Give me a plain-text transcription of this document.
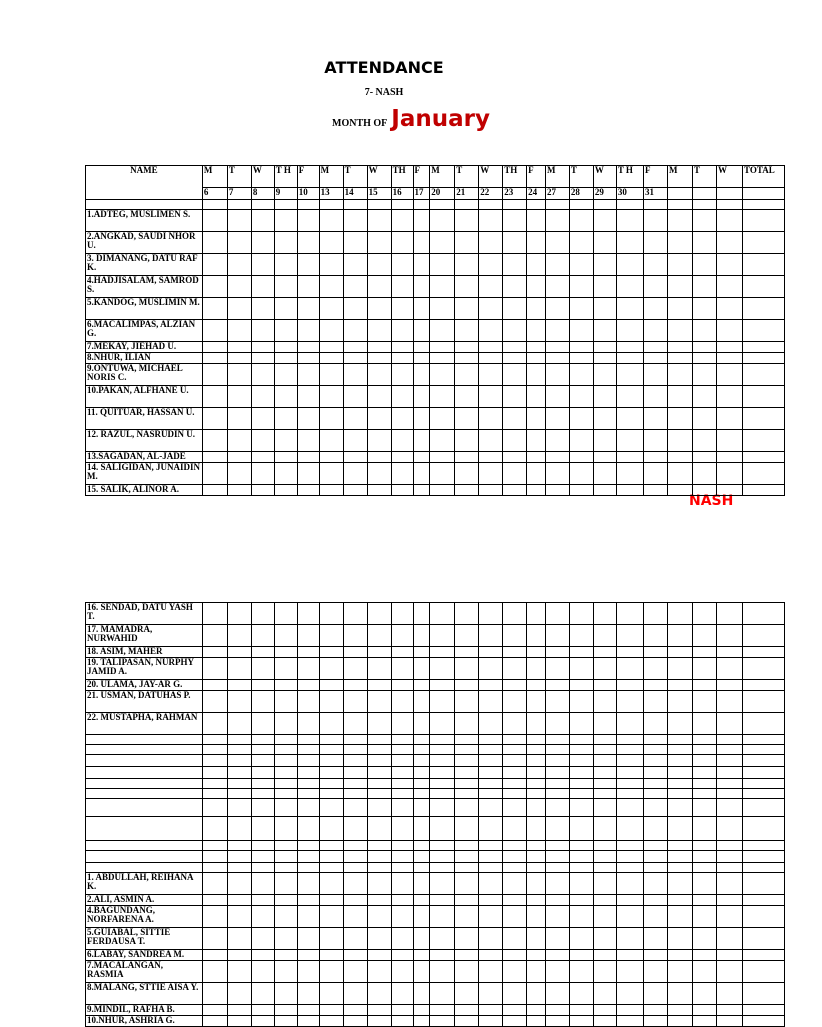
ATTENDANCE
7- NASH
MONTH OF January
NASH
NAME	M	T	W	T H	F	M	T	W	TH	F	M	T	W	TH	F	M	T	W	T H	F	M	T	W	TOTAL
	6	7	8	9	10	13	14	15	16	17	20	21	22	23	24	27	28	29	30	31				

1.ADTEG, MUSLIMEN S.																								
2.ANGKAD, SAUDI NHOR U.																								
3. DIMANANG, DATU RAF K.																								
4.HADJISALAM, SAMROD S.																								
5.KANDOG, MUSLIMIN M.																								
6.MACALIMPAS, ALZIAN G.																								
7.MEKAY, JIEHAD U.																								
8.NHUR, ILIAN																								
9.ONTUWA, MICHAEL NORIS C.																								
10.PAKAN, ALFHANE U.																								
11. QUITUAR, HASSAN U.																								
12. RAZUL, NASRUDIN U.																								
13.SAGADAN, AL-JADE																								
14. SALIGIDAN, JUNAIDIN M.																								
15. SALIK, ALINOR A.																								
16. SENDAD, DATU YASH T.																								
17. MAMADRA, NURWAHID																								
18. ASIM, MAHER																								
19. TALIPASAN, NURPHY JAMID A.																								
20. ULAMA, JAY-AR G.																								
21. USMAN, DATUHAS P.																								
22. MUSTAPHA, RAHMAN																								

1. ABDULLAH, REIHANA K.																								
2.ALI, ASMIN A.																								
4.BAGUNDANG, NORFARENA A.																								
5.GUIABAL, SITTIE FERDAUSA T.																								
6.LABAY, SANDREA M.																								
7.MACALANGAN, RASMIA																								
8.MALANG, STTIE AISA Y.																								
9.MINDIL, RAFHA B.																								
10.NHUR, ASHRIA G.																								
